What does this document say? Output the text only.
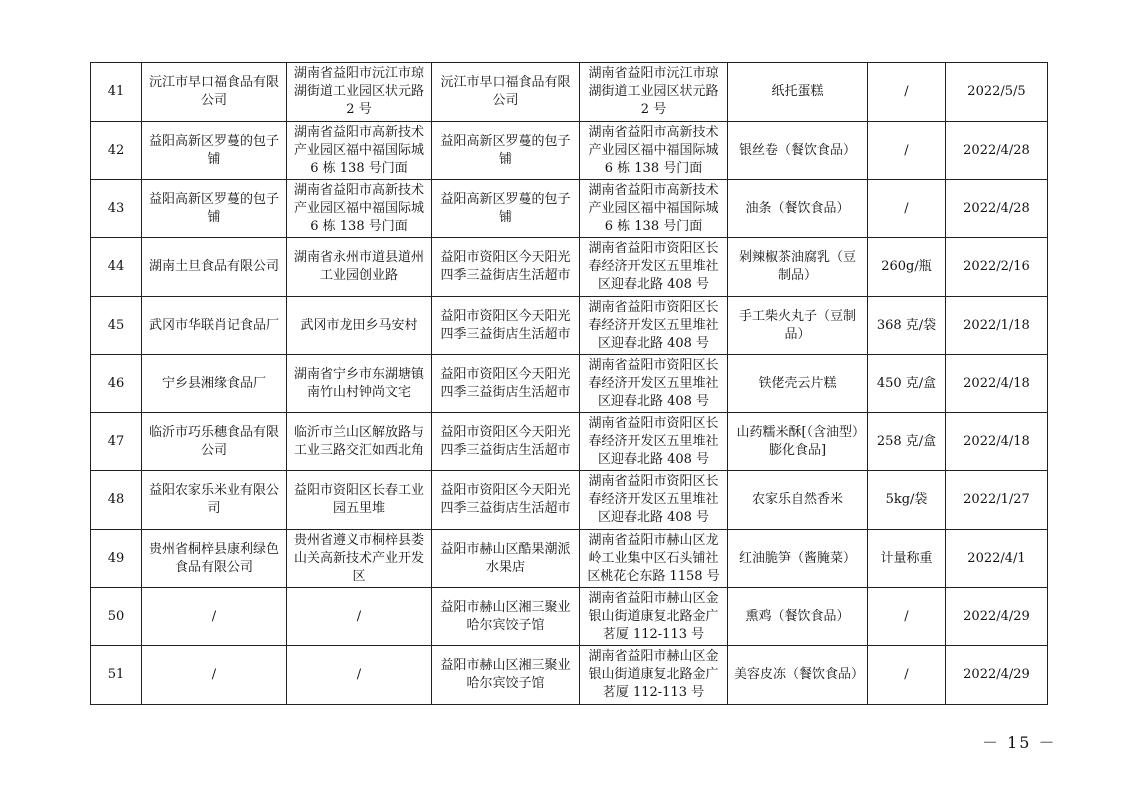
41	沅江市早口福食品有限公司	湖南省益阳市沅江市琼湖街道工业园区状元路 2 号	沅江市早口福食品有限公司	湖南省益阳市沅江市琼湖街道工业园区状元路 2 号	纸托蛋糕	/	2022/5/5
42	益阳高新区罗蔓的包子铺	湖南省益阳市高新技术产业园区福中福国际城 6 栋 138 号门面	益阳高新区罗蔓的包子铺	湖南省益阳市高新技术产业园区福中福国际城 6 栋 138 号门面	银丝卷（餐饮食品）	/	2022/4/28
43	益阳高新区罗蔓的包子铺	湖南省益阳市高新技术产业园区福中福国际城 6 栋 138 号门面	益阳高新区罗蔓的包子铺	湖南省益阳市高新技术产业园区福中福国际城 6 栋 138 号门面	油条（餐饮食品）	/	2022/4/28
44	湖南土旦食品有限公司	湖南省永州市道县道州工业园创业路	益阳市资阳区今天阳光四季三益街店生活超市	湖南省益阳市资阳区长春经济开发区五里堆社区迎春北路 408 号	剁辣椒茶油腐乳（豆制品）	260g/瓶	2022/2/16
45	武冈市华联肖记食品厂	武冈市龙田乡马安村	益阳市资阳区今天阳光四季三益街店生活超市	湖南省益阳市资阳区长春经济开发区五里堆社区迎春北路 408 号	手工柴火丸子（豆制品）	368 克/袋	2022/1/18
46	宁乡县湘缘食品厂	湖南省宁乡市东湖塘镇南竹山村钟尚文宅	益阳市资阳区今天阳光四季三益街店生活超市	湖南省益阳市资阳区长春经济开发区五里堆社区迎春北路 408 号	铁佬壳云片糕	450 克/盒	2022/4/18
47	临沂市巧乐穗食品有限公司	临沂市兰山区解放路与工业三路交汇如西北角	益阳市资阳区今天阳光四季三益街店生活超市	湖南省益阳市资阳区长春经济开发区五里堆社区迎春北路 408 号	山药糯米酥[（含油型）膨化食品]	258 克/盒	2022/4/18
48	益阳农家乐米业有限公司	益阳市资阳区长春工业园五里堆	益阳市资阳区今天阳光四季三益街店生活超市	湖南省益阳市资阳区长春经济开发区五里堆社区迎春北路 408 号	农家乐自然香米	5kg/袋	2022/1/27
49	贵州省桐梓县康利绿色食品有限公司	贵州省遵义市桐梓县娄山关高新技术产业开发区	益阳市赫山区酷果潮派水果店	湖南省益阳市赫山区龙岭工业集中区石头铺社区桃花仑东路 1158 号	红油脆笋（酱腌菜）	计量称重	2022/4/1
50	/	/	益阳市赫山区湘三聚业哈尔宾饺子馆	湖南省益阳市赫山区金银山街道康复北路金广茗厦 112-113 号	熏鸡（餐饮食品）	/	2022/4/29
51	/	/	益阳市赫山区湘三聚业哈尔宾饺子馆	湖南省益阳市赫山区金银山街道康复北路金广茗厦 112-113 号	美容皮冻（餐饮食品）	/	2022/4/29
－ 15 －
